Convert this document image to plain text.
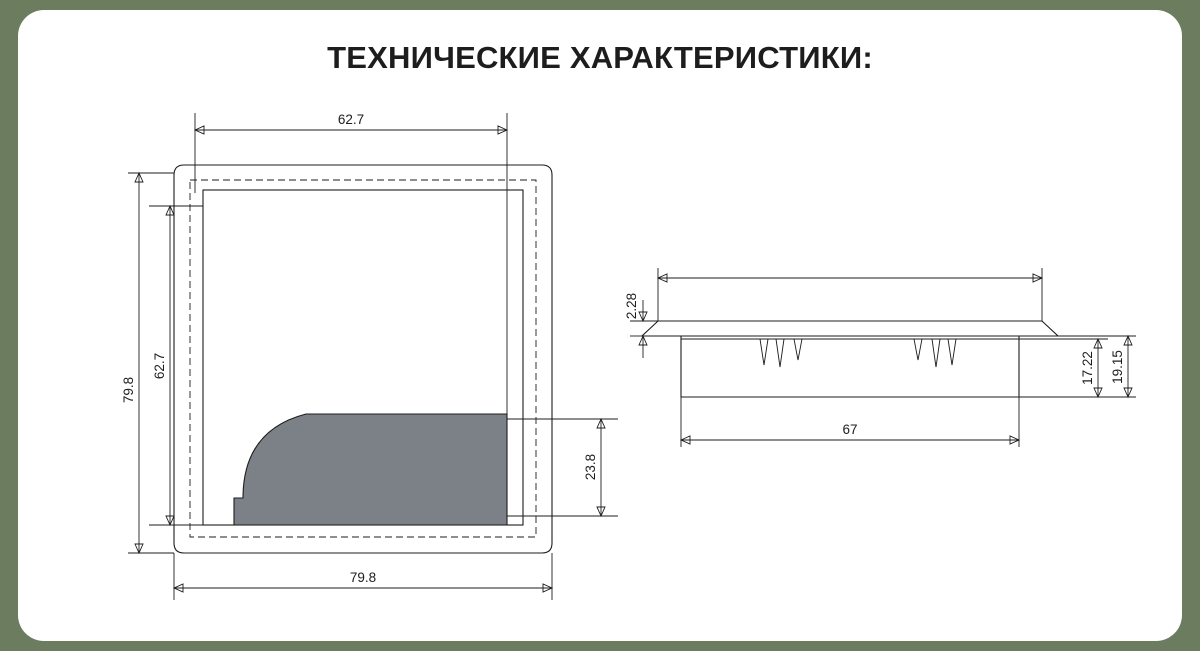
ТЕХНИЧЕСКИЕ ХАРАКТЕРИСТИКИ:
62.7
62.7
79.8
23.8
79.8
2.28
17.22 19.15
67
